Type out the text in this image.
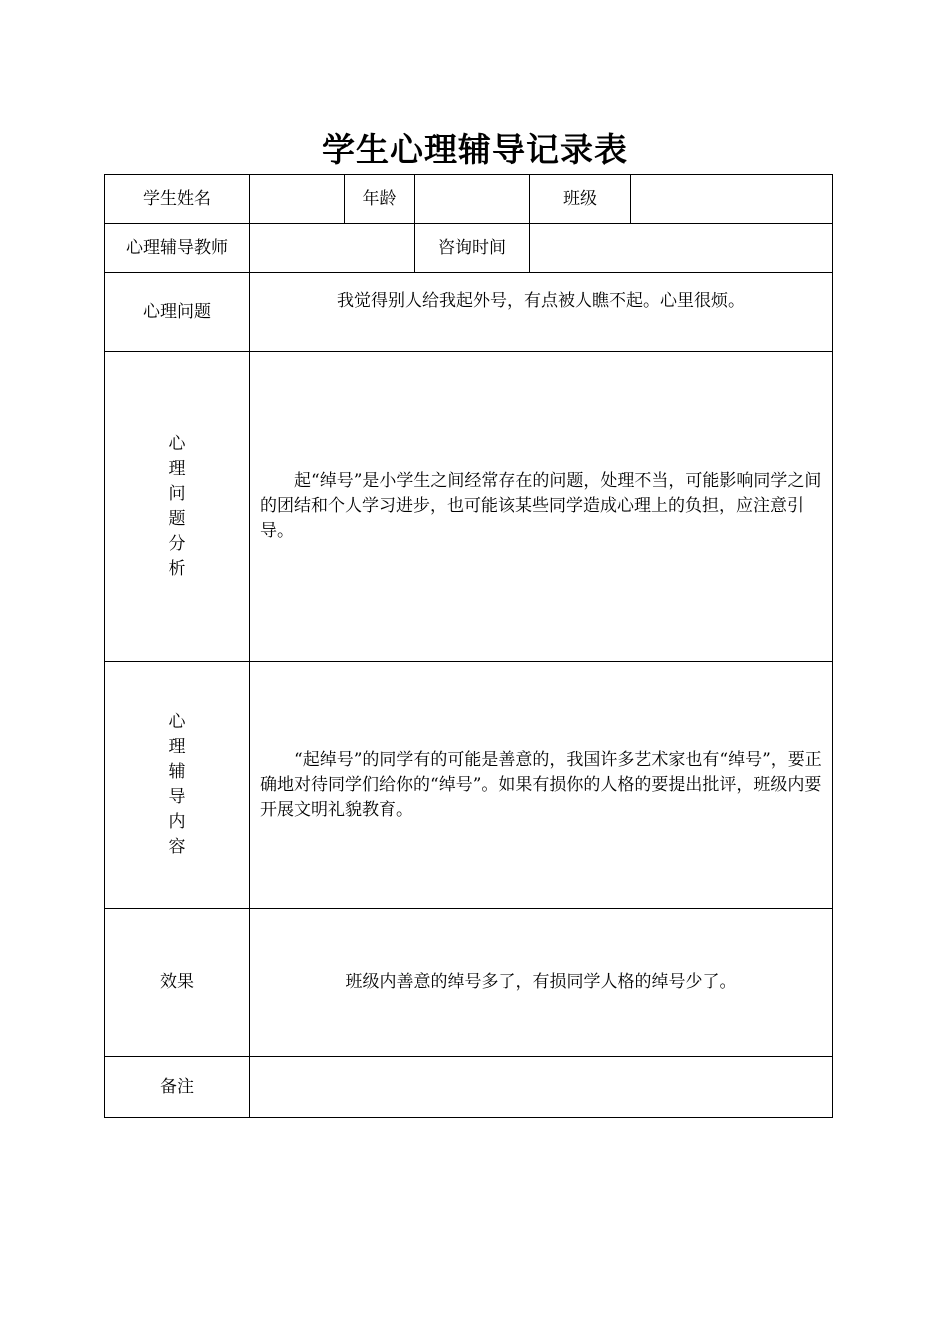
学生心理辅导记录表
学生姓名		年龄		班级	
心理辅导教师			咨询时间		
心理问题	我觉得别人给我起外号，有点被人瞧不起。心里很烦。				

心理问题分析	起“绰号”是小学生之间经常存在的问题，处理不当，可能影响同学之间的团结和个人学习进步，也可能该某些同学造成心理上的负担，应注意引导。				

心理辅导内容	“起绰号”的同学有的可能是善意的，我国许多艺术家也有“绰号”，要正确地对待同学们给你的“绰号”。如果有损你的人格的要提出批评，班级内要开展文明礼貌教育。				

效果	班级内善意的绰号多了，有损同学人格的绰号少了。				
备注					
